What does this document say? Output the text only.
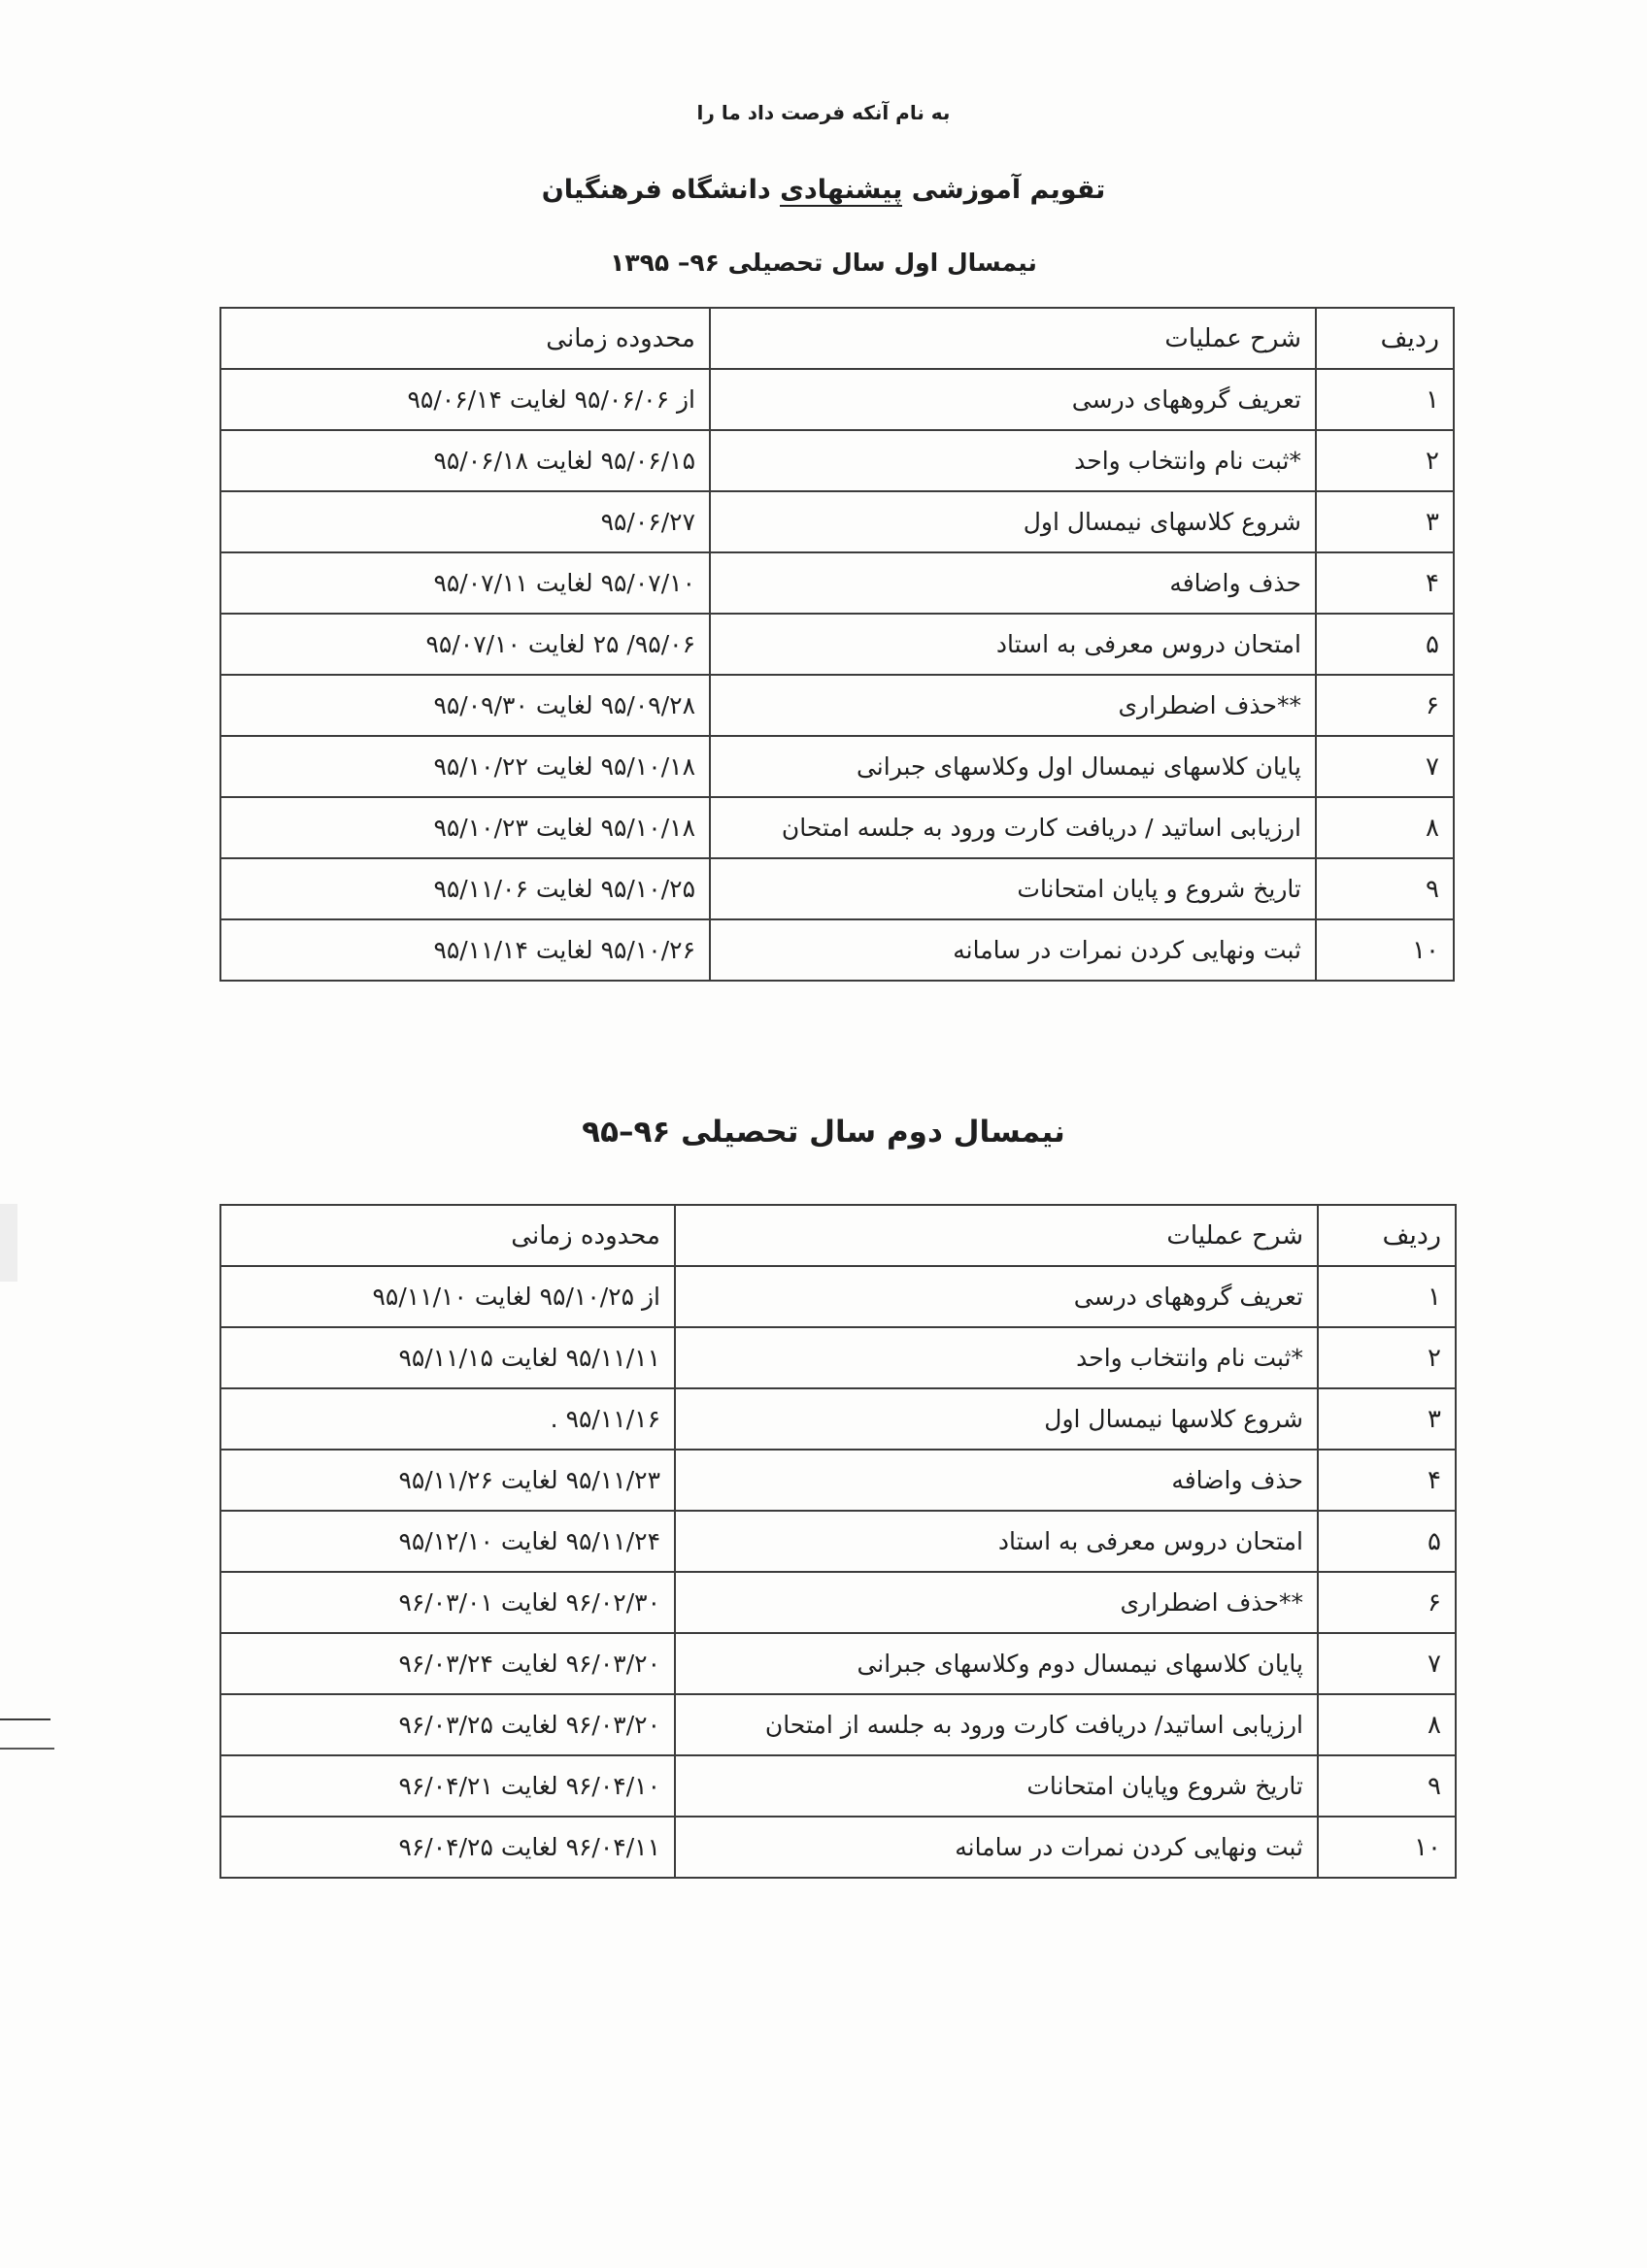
به نام آنکه فرصت داد ما را
تقویم آموزشی پیشنهادی دانشگاه فرهنگیان
نیمسال اول سال تحصیلی ۹۶– ۱۳۹۵
ردیف	شرح عملیات	محدوده زمانی
۱	تعریف گروههای درسی	از ۹۵/۰۶/۰۶ لغایت ۹۵/۰۶/۱۴
۲	*ثبت نام وانتخاب واحد	۹۵/۰۶/۱۵ لغایت ۹۵/۰۶/۱۸
۳	شروع کلاسهای نیمسال اول	۹۵/۰۶/۲۷
۴	حذف واضافه	۹۵/۰۷/۱۰ لغایت ۹۵/۰۷/۱۱
۵	امتحان دروس معرفی به استاد	۹۵/۰۶/ ۲۵ لغایت ۹۵/۰۷/۱۰
۶	**حذف اضطراری	۹۵/۰۹/۲۸ لغایت ۹۵/۰۹/۳۰
۷	پایان کلاسهای نیمسال اول وکلاسهای جبرانی	۹۵/۱۰/۱۸ لغایت ۹۵/۱۰/۲۲
۸	ارزیابی اساتید / دریافت کارت ورود به جلسه امتحان	۹۵/۱۰/۱۸ لغایت ۹۵/۱۰/۲۳
۹	تاریخ شروع و پایان امتحانات	۹۵/۱۰/۲۵ لغایت ۹۵/۱۱/۰۶
۱۰	ثبت ونهایی کردن نمرات در سامانه	۹۵/۱۰/۲۶ لغایت ۹۵/۱۱/۱۴
نیمسال دوم سال تحصیلی ۹۶–۹۵
ردیف	شرح عملیات	محدوده زمانی
۱	تعریف گروههای درسی	از ۹۵/۱۰/۲۵ لغایت ۹۵/۱۱/۱۰
۲	*ثبت نام وانتخاب واحد	۹۵/۱۱/۱۱ لغایت ۹۵/۱۱/۱۵
۳	شروع کلاسها نیمسال اول	۹۵/۱۱/۱۶ .
۴	حذف واضافه	۹۵/۱۱/۲۳ لغایت ۹۵/۱۱/۲۶
۵	امتحان دروس معرفی به استاد	۹۵/۱۱/۲۴ لغایت ۹۵/۱۲/۱۰
۶	**حذف اضطراری	۹۶/۰۲/۳۰ لغایت ۹۶/۰۳/۰۱
۷	پایان کلاسهای نیمسال دوم وکلاسهای جبرانی	۹۶/۰۳/۲۰ لغایت ۹۶/۰۳/۲۴
۸	ارزیابی اساتید/ دریافت کارت ورود به جلسه از امتحان	۹۶/۰۳/۲۰ لغایت ۹۶/۰۳/۲۵
۹	تاریخ شروع وپایان امتحانات	۹۶/۰۴/۱۰ لغایت ۹۶/۰۴/۲۱
۱۰	ثبت ونهایی کردن نمرات در سامانه	۹۶/۰۴/۱۱ لغایت ۹۶/۰۴/۲۵
